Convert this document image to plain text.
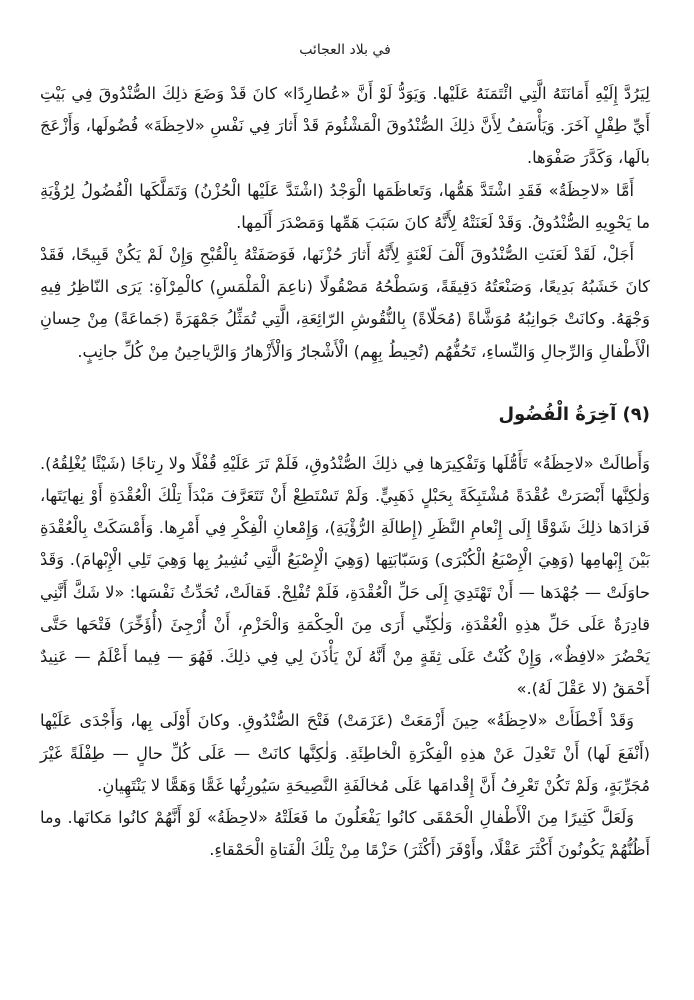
في بلاد العجائب

لِيَرُدَّ إِلَيْهِ أَمَانَتَهُ الَّتِي ائْتَمَنَهُ عَلَيْها. وَيَوَدُّ لَوْ أَنَّ «عُطارِدًا» كانَ قَدْ وَضَعَ ذلِكَ الصُّنْدُوقَ فِي بَيْتِ أَيِّ طِفْلٍ آخَرَ. وَيَأْسَفُ لِأَنَّ ذلِكَ الصُّنْدُوقَ الْمَشْئُومَ قَدْ أَثارَ فِي نَفْسِ «لاحِظَةَ» فُضُولَها، وَأَزْعَجَ بالَها، وَكَدَّرَ صَفْوَها.

أَمَّا «لاحِظَةُ» فَقَدِ اشْتَدَّ هَمُّها، وَتَعاظَمَها الْوَجْدُ (اشْتَدَّ عَلَيْها الْحُزْنُ) وَتَمَلَّكَها الْفُضُولُ لِرُؤْيَةِ ما يَحْوِيهِ الصُّنْدُوقُ. وَقَدْ لَعَنَتْهُ لِأَنَّهُ كانَ سَبَبَ هَمِّها وَمَصْدَرَ أَلَمِها.

أَجَلْ، لَقَدْ لَعَنَتِ الصُّنْدُوقَ أَلْفَ لَعْنَةٍ لِأَنَّهُ أَثارَ حُزْنَها، فَوَصَفَتْهُ بِالْقُبْحِ وَإِنْ لَمْ يَكُنْ قَبِيحًا، فَقَدْ كانَ خَشَبُهُ بَدِيعًا، وَصَنْعَتُهُ دَقِيقَةً، وَسَطْحُهُ مَصْقُولًا (ناعِمَ الْمَلْمَسِ) كالْمِرْآةِ: يَرَى النّاظِرُ فِيهِ وَجْهَهُ. وكانَتْ جَوانِبُهُ مُوَشَّاةً (مُحَلّاةً) بِالنُّقُوشِ الرّائِعَةِ، الَّتِي تُمَثِّلُ جَمْهَرَةً (جَماعَةً) مِنْ حِسانِ الْأَطْفالِ وَالرِّجالِ وَالنِّساءِ، تَحُفُّهُم (تُحِيطُ بِهِم) الْأَشْجارُ وَالْأَزْهارُ وَالرَّياحِينُ مِنْ كُلِّ جانِبٍ.

(٩) آخِرَةُ الْفُضُول

وَأَطالَتْ «لاحِظَةُ» تَأَمُّلَها وَتَفْكِيرَها فِي ذلِكَ الصُّنْدُوقِ، فَلَمْ تَرَ عَلَيْهِ قُفْلًا ولا رِتاجًا (شَيْئًا يُغْلِقُهُ). وَلٰكِنَّها أَبْصَرَتْ عُقْدَةً مُشْتَبِكَةً بِحَبْلٍ ذَهَبِيٍّ. وَلَمْ تَسْتَطِعْ أَنْ تَتَعَرَّفَ مَبْدَأَ تِلْكَ الْعُقْدَةِ أَوْ نِهايَتَها، فَزادَها ذلِكَ شَوْقًا إِلَى إِنْعامِ النَّظَرِ (إِطالَةِ الرُّؤْيَةِ)، وَإِمْعانِ الْفِكْرِ فِي أَمْرِها. وَأَمْسَكَتْ بِالْعُقْدَةِ بَيْنَ إِبْهامِها (وَهِيَ الْإِصْبَعُ الْكُبْرَى) وَسَبّابَتِها (وَهِيَ الْإِصْبَعُ الَّتِي نُشِيرُ بِها وَهِيَ تَلِي الْإِبْهامَ). وَقَدْ حاوَلَتْ — جُهْدَها — أَنْ تَهْتَدِيَ إِلَى حَلِّ الْعُقْدَةِ، فَلَمْ تُفْلِحْ. فَقالَتْ، تُحَدِّثُ نَفْسَها: «لا شَكَّ أَنَّنِي قادِرَةٌ عَلَى حَلِّ هذِهِ الْعُقْدَةِ، وَلٰكِنِّي أَرَى مِنَ الْحِكْمَةِ وَالْحَزْمِ، أَنْ أُرْجِئَ (أُؤَخِّرَ) فَتْحَها حَتَّى يَحْضُرَ «لافِظٌ»، وَإِنْ كُنْتُ عَلَى ثِقَةٍ مِنْ أَنَّهُ لَنْ يَأْذَنَ لِي فِي ذلِكَ. فَهُوَ — فِيما أَعْلَمُ — عَنِيدٌ أَحْمَقُ (لا عَقْلَ لَهُ).»

وَقَدْ أَخْطَأَتْ «لاحِظَةُ» حِينَ أَزْمَعَتْ (عَزَمَتْ) فَتْحَ الصُّنْدُوقِ. وكانَ أَوْلَى بِها، وَأَجْدَى عَلَيْها (أَنْفَعَ لَها) أَنْ تَعْدِلَ عَنْ هذِهِ الْفِكْرَةِ الْخاطِئَةِ. وَلٰكِنَّها كانَتْ — عَلَى كُلِّ حالٍ — طِفْلَةً غَيْرَ مُجَرِّبَةٍ، وَلَمْ تَكُنْ تَعْرِفُ أَنَّ إِقْدامَها عَلَى مُخالَفَةِ النَّصِيحَةِ سَيُورِثُها غَمًّا وَهَمًّا لا يَنْتَهِيانِ.

وَلَعَلَّ كَثِيرًا مِنَ الْأَطْفالِ الْحَمْقَى كانُوا يَفْعَلُونَ ما فَعَلَتْهُ «لاحِظَةُ» لَوْ أَنَّهُمْ كانُوا مَكانَها. وما أَظُنُّهُمْ يَكُونُونَ أَكْثَرَ عَقْلًا، وأَوْفَرَ (أَكْثَرَ) حَزْمًا مِنْ تِلْكَ الْفَتاةِ الْحَمْقاءِ.
